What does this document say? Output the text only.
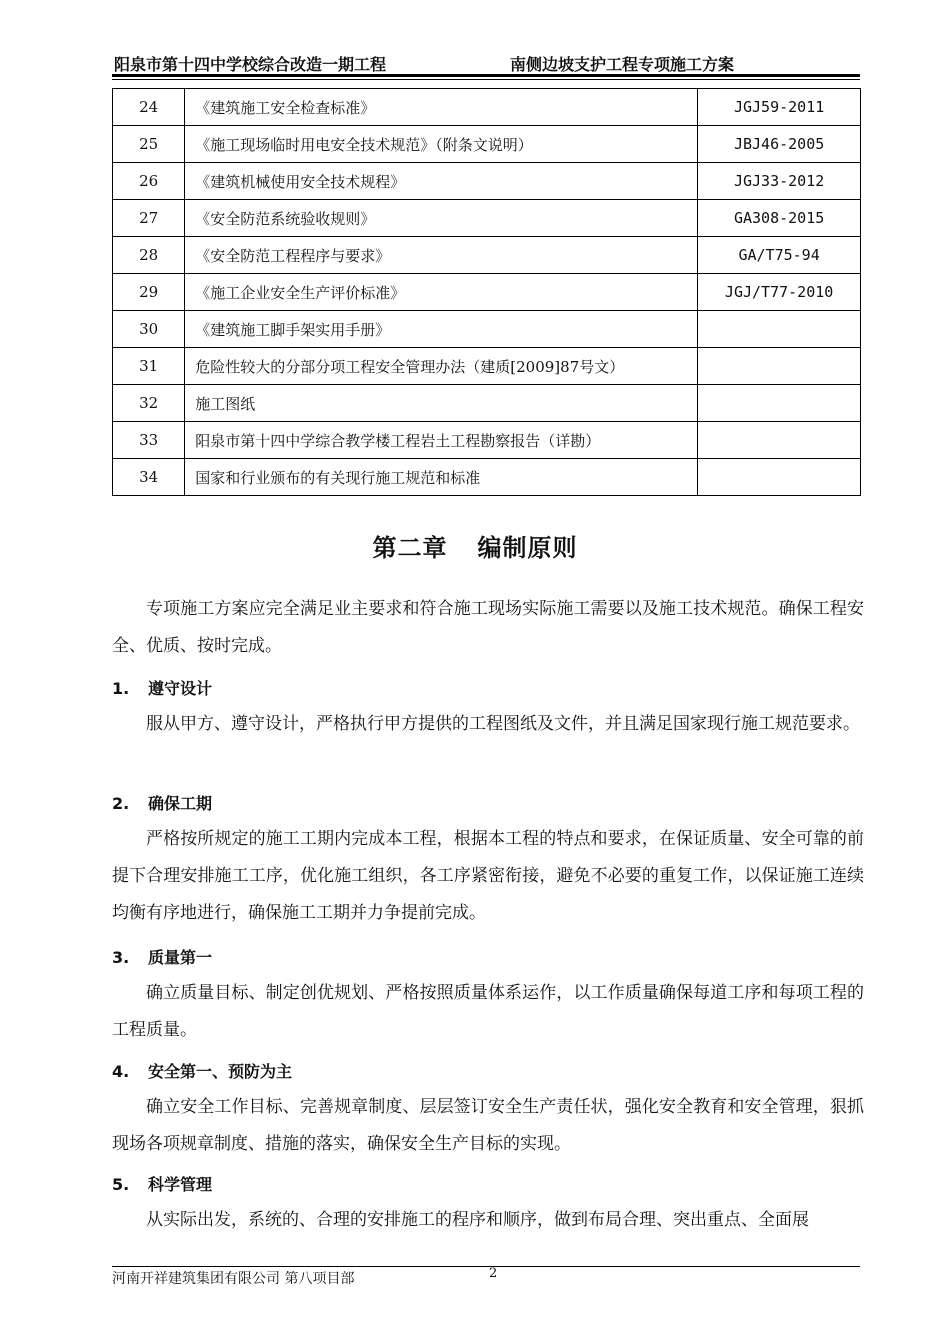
阳泉市第十四中学校综合改造一期工程	南侧边坡支护工程专项施工方案
24	《建筑施工安全检查标准》	JGJ59-2011
25	《施工现场临时用电安全技术规范》（附条文说明）	JBJ46-2005
26	《建筑机械使用安全技术规程》	JGJ33-2012
27	《安全防范系统验收规则》	GA308-2015
28	《安全防范工程程序与要求》	GA/T75-94
29	《施工企业安全生产评价标准》	JGJ/T77-2010
30	《建筑施工脚手架实用手册》	
31	危险性较大的分部分项工程安全管理办法（建质[2009]87号文）	
32	施工图纸	
33	阳泉市第十四中学综合教学楼工程岩土工程勘察报告（详勘）	
34	国家和行业颁布的有关现行施工规范和标准	
第二章 编制原则
专项施工方案应完全满足业主要求和符合施工现场实际施工需要以及施工技术规范。确保工程安全、优质、按时完成。
1. 遵守设计
服从甲方、遵守设计，严格执行甲方提供的工程图纸及文件，并且满足国家现行施工规范要求。
2. 确保工期
严格按所规定的施工工期内完成本工程，根据本工程的特点和要求，在保证质量、安全可靠的前提下合理安排施工工序，优化施工组织，各工序紧密衔接，避免不必要的重复工作，以保证施工连续均衡有序地进行，确保施工工期并力争提前完成。
3. 质量第一
确立质量目标、制定创优规划、严格按照质量体系运作，以工作质量确保每道工序和每项工程的工程质量。
4. 安全第一、预防为主
确立安全工作目标、完善规章制度、层层签订安全生产责任状，强化安全教育和安全管理，狠抓现场各项规章制度、措施的落实，确保安全生产目标的实现。
5. 科学管理
从实际出发，系统的、合理的安排施工的程序和顺序，做到布局合理、突出重点、全面展
河南开祥建筑集团有限公司 第八项目部	2
